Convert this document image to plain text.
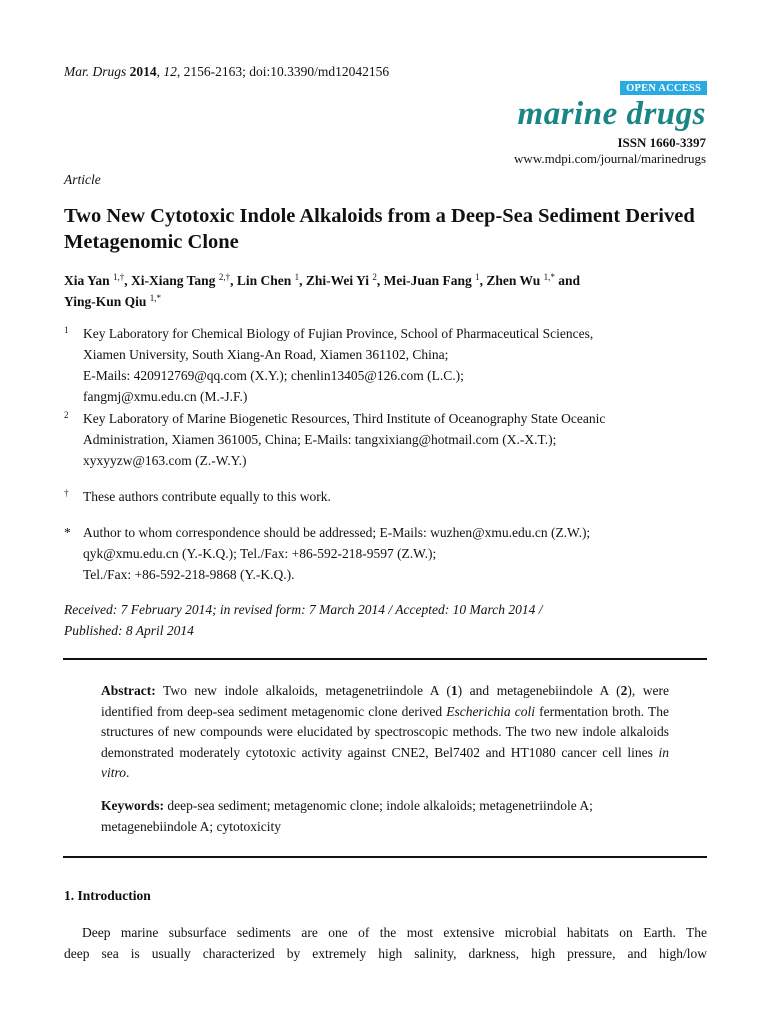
Mar. Drugs 2014, 12, 2156-2163; doi:10.3390/md12042156
OPEN ACCESS
marine drugs
ISSN 1660-3397
www.mdpi.com/journal/marinedrugs
Article
Two New Cytotoxic Indole Alkaloids from a Deep-Sea Sediment Derived Metagenomic Clone
Xia Yan $^{1,\dagger}$, Xi-Xiang Tang $^{2,\dagger}$, Lin Chen $^1$, Zhi-Wei Yi $^2$, Mei-Juan Fang $^1$, Zhen Wu $^{1,*}$ and
Ying-Kun Qiu $^{1,*}$
1 Key Laboratory for Chemical Biology of Fujian Province, School of Pharmaceutical Sciences,
Xiamen University, South Xiang-An Road, Xiamen 361102, China;
E-Mails: 420912769@qq.com (X.Y.); chenlin13405@126.com (L.C.);
fangmj@xmu.edu.cn (M.-J.F.)
2 Key Laboratory of Marine Biogenetic Resources, Third Institute of Oceanography State Oceanic
Administration, Xiamen 361005, China; E-Mails: tangxixiang@hotmail.com (X.-X.T.);
xyxyyzw@163.com (Z.-W.Y.)
† These authors contribute equally to this work.
* Author to whom correspondence should be addressed; E-Mails: wuzhen@xmu.edu.cn (Z.W.);
qyk@xmu.edu.cn (Y.-K.Q.); Tel./Fax: +86-592-218-9597 (Z.W.);
Tel./Fax: +86-592-218-9868 (Y.-K.Q.).
Received: 7 February 2014; in revised form: 7 March 2014 / Accepted: 10 March 2014 /
Published: 8 April 2014
Abstract: Two new indole alkaloids, metagenetriindole A (1) and metagenebiindole A (2), were identified from deep-sea sediment metagenomic clone derived Escherichia coli fermentation broth. The structures of new compounds were elucidated by spectroscopic methods. The two new indole alkaloids demonstrated moderately cytotoxic activity against CNE2, Bel7402 and HT1080 cancer cell lines in vitro.
Keywords: deep-sea sediment; metagenomic clone; indole alkaloids; metagenetriindole A;
metagenebiindole A; cytotoxicity
1. Introduction
Deep marine subsurface sediments are one of the most extensive microbial habitats on Earth. The
deep sea is usually characterized by extremely high salinity, darkness, high pressure, and high/low
